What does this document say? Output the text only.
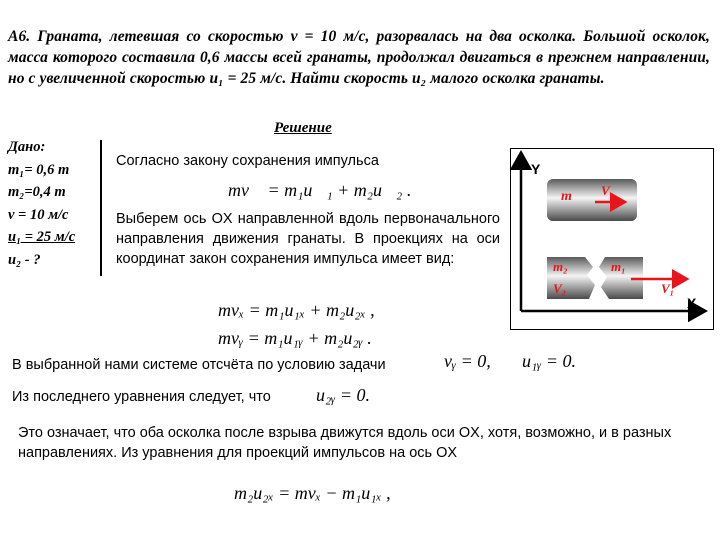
А6. Граната, летевшая со скоростью v = 10 м/с, разорвалась на два осколка. Большой осколок, масса которого составила 0,6 массы всей гранаты, продолжал двигаться в прежнем направлении, но с увеличенной скоростью u₁ = 25 м/с. Найти скорость u₂ малого осколка гранаты.
Решение
Дано:
m₁= 0,6 m
m₂=0,4 m
v = 10 м/с
u₁ = 25 м/с
u₂ - ?
Согласно закону сохранения импульса
mv⃗ = m₁u⃗₁ + m₂u⃗₂ .
Выберем ось OX направленной вдоль первоначального направления движения гранаты. В проекциях на оси координат закон сохранения импульса имеет вид:
mvₓ = m₁u₁ₓ + m₂u₂ₓ ,
mvᵧ = m₁u₁ᵧ + m₂u₂ᵧ .
В выбранной нами системе отсчёта по условию задачи	vᵧ = 0, u₁ᵧ = 0.
Из последнего уравнения следует, что	u₂ᵧ = 0.
Это означает, что оба осколка после взрыва движутся вдоль оси OX, хотя, возможно, и в разных направлениях. Из уравнения для проекций импульсов на ось OX
m₂u₂ₓ = mvₓ − m₁u₁ₓ ,
Y
X
m V
m₂
V₂
m₁
V₁
